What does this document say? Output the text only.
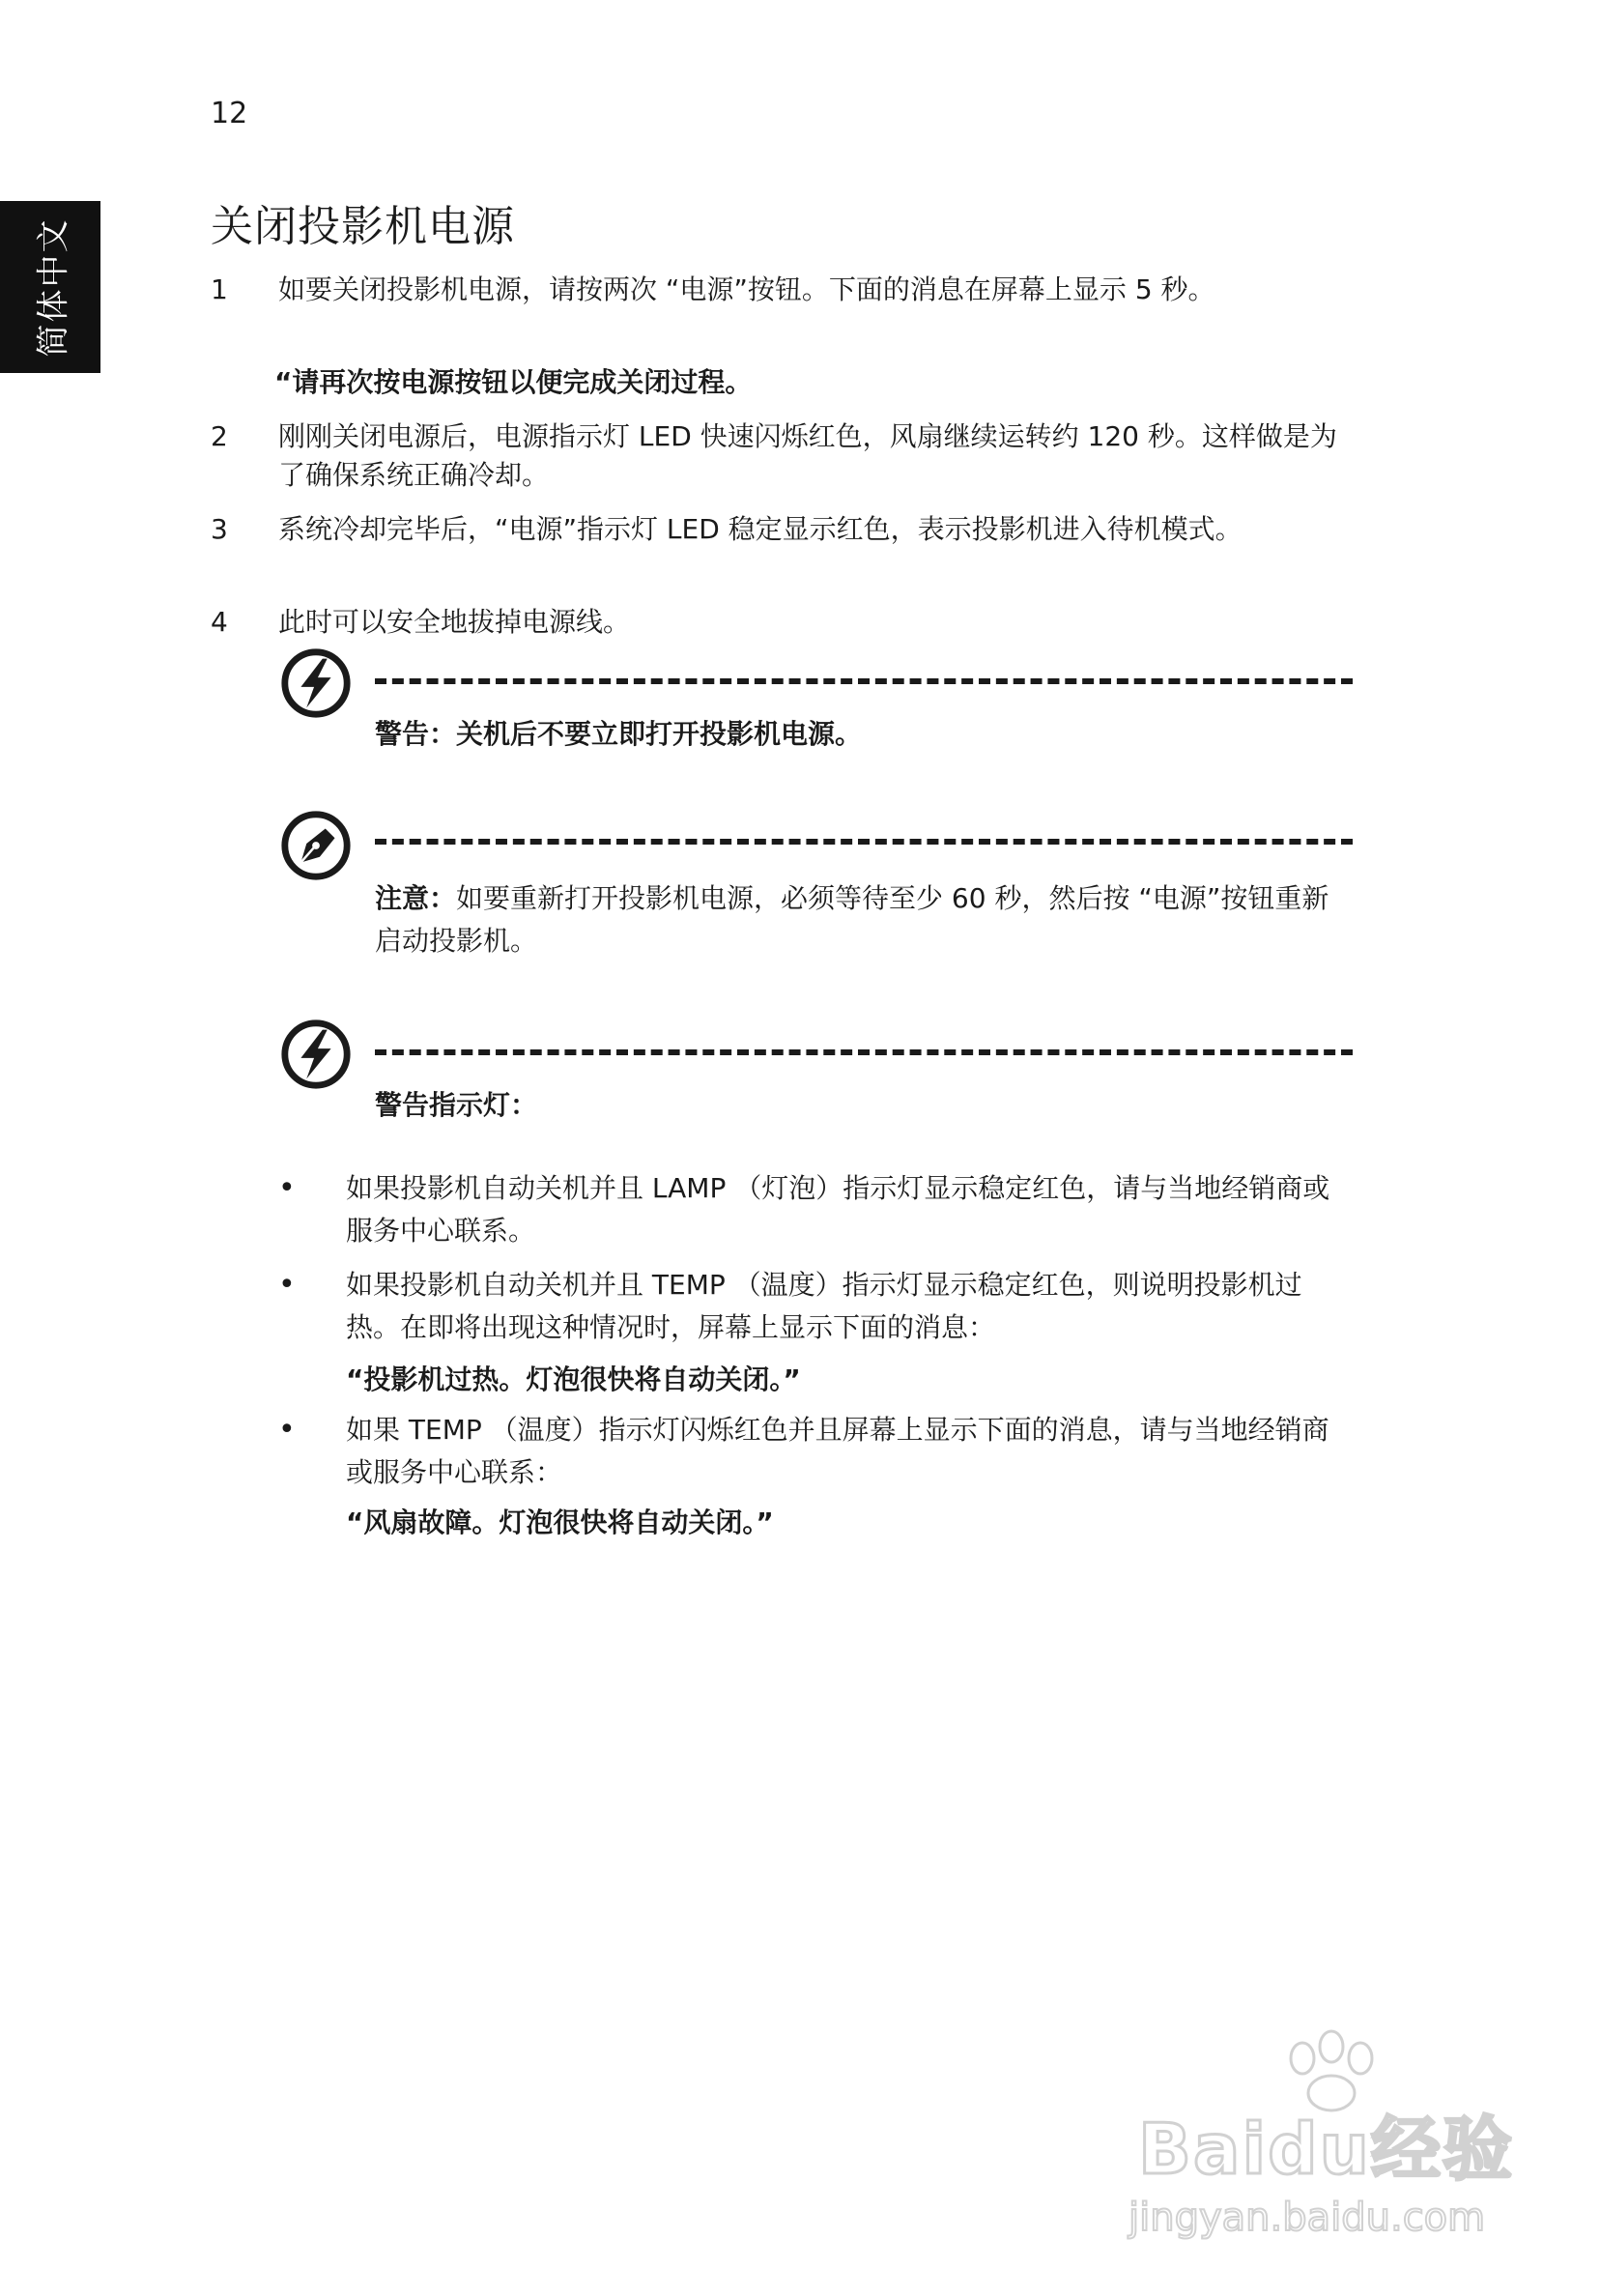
12
简体中文	关闭投影机电源
1	如要关闭投影机电源，请按两次 “电源”按钮。下面的消息在屏幕上显示 5 秒。
“请再次按电源按钮以便完成关闭过程。
2	刚刚关闭电源后，电源指示灯 LED 快速闪烁红色，风扇继续运转约 120 秒。这样做是为了确保系统正确冷却。
3	系统冷却完毕后，“电源”指示灯 LED 稳定显示红色，表示投影机进入待机模式。
4	此时可以安全地拔掉电源线。
警告：关机后不要立即打开投影机电源。
注意：如要重新打开投影机电源，必须等待至少 60 秒，然后按 “电源”按钮重新启动投影机。
警告指示灯：
•	如果投影机自动关机并且 LAMP （灯泡）指示灯显示稳定红色，请与当地经销商或服务中心联系。
•	如果投影机自动关机并且 TEMP （温度）指示灯显示稳定红色，则说明投影机过热。在即将出现这种情况时，屏幕上显示下面的消息：
“投影机过热。灯泡很快将自动关闭。”
•	如果 TEMP （温度）指示灯闪烁红色并且屏幕上显示下面的消息，请与当地经销商或服务中心联系：
“风扇故障。灯泡很快将自动关闭。”
Baidu经验
jingyan.baidu.com
